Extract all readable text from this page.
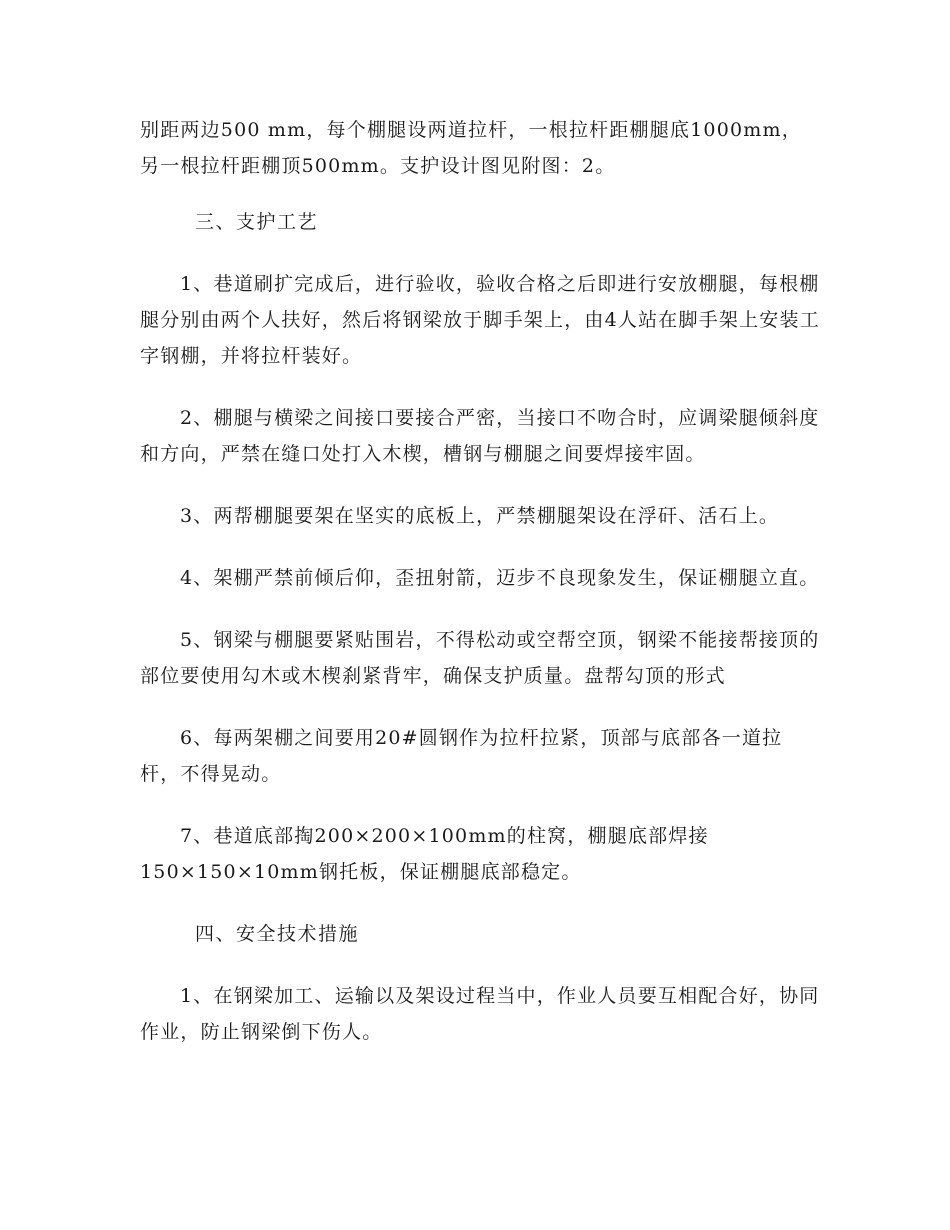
别距两边500 mm，每个棚腿设两道拉杆，一根拉杆距棚腿底1000mm，另一根拉杆距棚顶500mm。支护设计图见附图：2。

三、支护工艺

1、巷道刷扩完成后，进行验收，验收合格之后即进行安放棚腿，每根棚腿分别由两个人扶好，然后将钢梁放于脚手架上，由4人站在脚手架上安装工字钢棚，并将拉杆装好。

2、棚腿与横梁之间接口要接合严密，当接口不吻合时，应调梁腿倾斜度和方向，严禁在缝口处打入木楔，槽钢与棚腿之间要焊接牢固。

3、两帮棚腿要架在坚实的底板上，严禁棚腿架设在浮矸、活石上。

4、架棚严禁前倾后仰，歪扭射箭，迈步不良现象发生，保证棚腿立直。

5、钢梁与棚腿要紧贴围岩，不得松动或空帮空顶，钢梁不能接帮接顶的部位要使用勾木或木楔刹紧背牢，确保支护质量。盘帮勾顶的形式

6、每两架棚之间要用20#圆钢作为拉杆拉紧，顶部与底部各一道拉杆，不得晃动。

7、巷道底部掏200×200×100mm的柱窝，棚腿底部焊接150×150×10mm钢托板，保证棚腿底部稳定。

四、安全技术措施

1、在钢梁加工、运输以及架设过程当中，作业人员要互相配合好，协同作业，防止钢梁倒下伤人。
